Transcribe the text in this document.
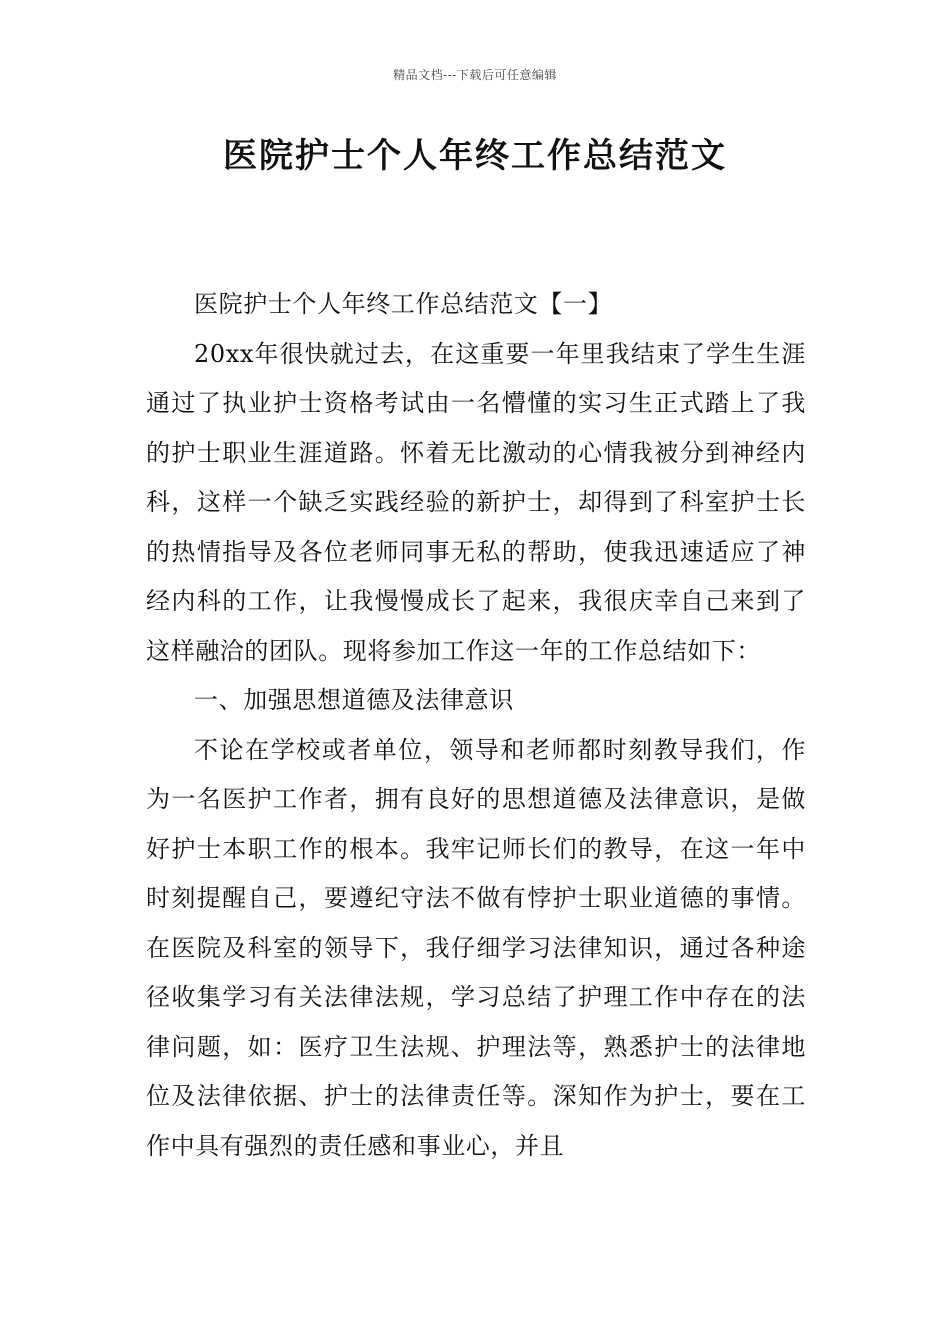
精品文档---下载后可任意编辑
医院护士个人年终工作总结范文

医院护士个人年终工作总结范文【一】

20xx年很快就过去，在这重要一年里我结束了学生生涯通过了执业护士资格考试由一名懵懂的实习生正式踏上了我的护士职业生涯道路。怀着无比激动的心情我被分到神经内科，这样一个缺乏实践经验的新护士，却得到了科室护士长的热情指导及各位老师同事无私的帮助，使我迅速适应了神经内科的工作，让我慢慢成长了起来，我很庆幸自己来到了这样融洽的团队。现将参加工作这一年的工作总结如下：

一、加强思想道德及法律意识

不论在学校或者单位，领导和老师都时刻教导我们，作为一名医护工作者，拥有良好的思想道德及法律意识，是做好护士本职工作的根本。我牢记师长们的教导，在这一年中时刻提醒自己，要遵纪守法不做有悖护士职业道德的事情。在医院及科室的领导下，我仔细学习法律知识，通过各种途径收集学习有关法律法规，学习总结了护理工作中存在的法律问题，如：医疗卫生法规、护理法等，熟悉护士的法律地位及法律依据、护士的法律责任等。深知作为护士，要在工作中具有强烈的责任感和事业心，并且
